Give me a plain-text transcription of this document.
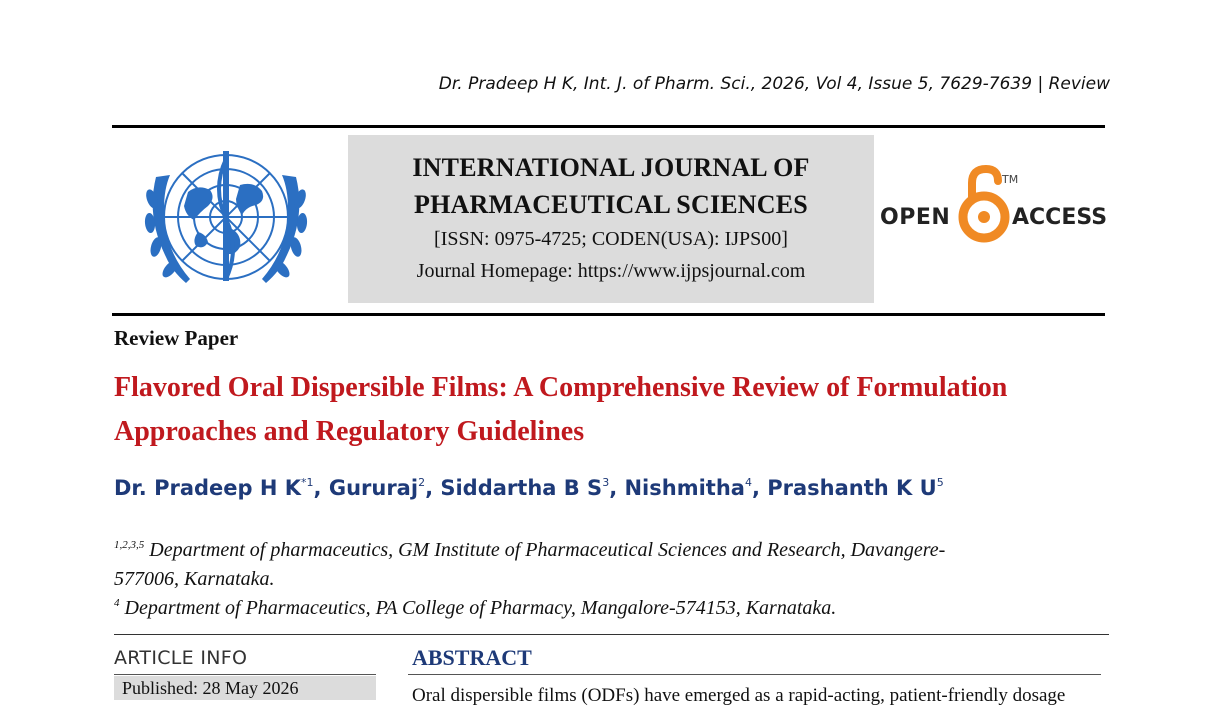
Dr. Pradeep H K, Int. J. of Pharm. Sci., 2026, Vol 4, Issue 5, 7629-7639 | Review
INTERNATIONAL JOURNAL OF
PHARMACEUTICAL SCIENCES
[ISSN: 0975-4725; CODEN(USA): IJPS00]
Journal Homepage: https://www.ijpsjournal.com
OPEN
TM
ACCESS
Review Paper
Flavored Oral Dispersible Films: A Comprehensive Review of Formulation Approaches and Regulatory Guidelines
Dr. Pradeep H $K^{*1}$, Gururaj$^2$, Siddartha B $S^3$, Nishmitha$^4$, Prashanth K $U^5$
$^{1,2,3,5}$ Department of pharmaceutics, GM Institute of Pharmaceutical Sciences and Research, Davangere-
577006, Karnataka.
$^4$ Department of Pharmaceutics, PA College of Pharmacy, Mangalore-574153, Karnataka.
ARTICLE INFO
Published: 28 May 2026
ABSTRACT
Oral dispersible films (ODFs) have emerged as a rapid-acting, patient-friendly dosage
